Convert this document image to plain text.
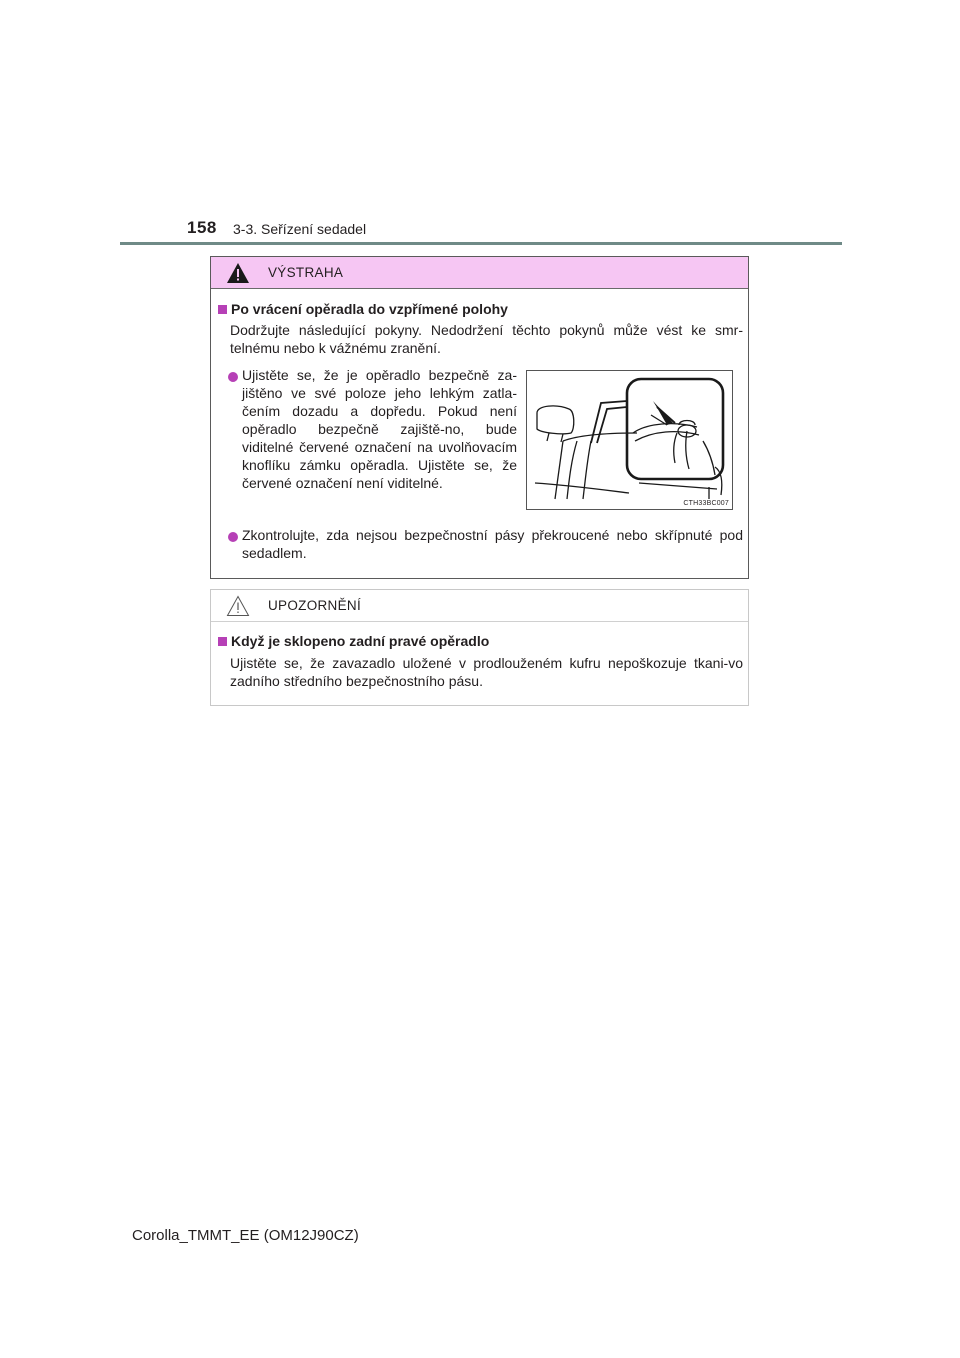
158 3-3. Seřízení sedadel
VÝSTRAHA
Po vrácení opěradla do vzpřímené polohy

Dodržujte následující pokyny. Nedodržení těchto pokynů může vést ke smr-telnému nebo k vážnému zranění.

Ujistěte se, že je opěradlo bezpečně za-jištěno ve své poloze jeho lehkým zatla-čením dozadu a dopředu. Pokud není opěradlo bezpečně zajiště-no, bude viditelné červené označení na uvolňovacím knoflíku zámku opěradla. Ujistěte se, že červené označení není viditelné.

CTH33BC007

Zkontrolujte, zda nejsou bezpečnostní pásy překroucené nebo skřípnuté pod sedadlem.

UPOZORNĚNÍ
Když je sklopeno zadní pravé opěradlo

Ujistěte se, že zavazadlo uložené v prodlouženém kufru nepoškozuje tkani-vo zadního středního bezpečnostního pásu.

Corolla_TMMT_EE (OM12J90CZ)
